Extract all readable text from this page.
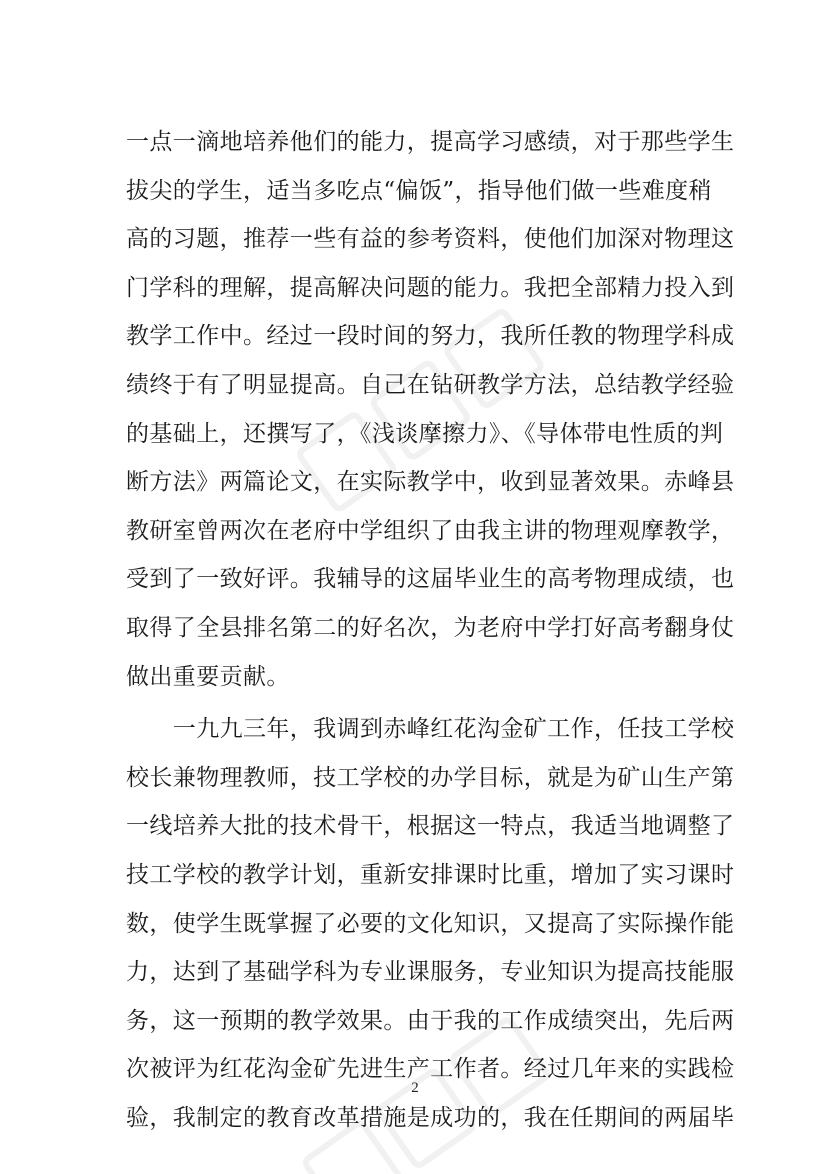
一点一滴地培养他们的能力，提高学习感绩，对于那些学生
拔尖的学生，适当多吃点“偏饭”，指导他们做一些难度稍
高的习题，推荐一些有益的参考资料，使他们加深对物理这
门学科的理解，提高解决问题的能力。我把全部精力投入到
教学工作中。经过一段时间的努力，我所任教的物理学科成
绩终于有了明显提高。自己在钻研教学方法，总结教学经验
的基础上，还撰写了，《浅谈摩擦力》、《导体带电性质的判
断方法》两篇论文，在实际教学中，收到显著效果。赤峰县
教研室曾两次在老府中学组织了由我主讲的物理观摩教学，
受到了一致好评。我辅导的这届毕业生的高考物理成绩，也
取得了全县排名第二的好名次，为老府中学打好高考翻身仗
做出重要贡献。
　　一九九三年，我调到赤峰红花沟金矿工作，任技工学校
校长兼物理教师，技工学校的办学目标，就是为矿山生产第
一线培养大批的技术骨干，根据这一特点，我适当地调整了
技工学校的教学计划，重新安排课时比重，增加了实习课时
数，使学生既掌握了必要的文化知识，又提高了实际操作能
力，达到了基础学科为专业课服务，专业知识为提高技能服
务，这一预期的教学效果。由于我的工作成绩突出，先后两
次被评为红花沟金矿先进生产工作者。经过几年来的实践检
验，我制定的教育改革措施是成功的，我在任期间的两届毕
2
